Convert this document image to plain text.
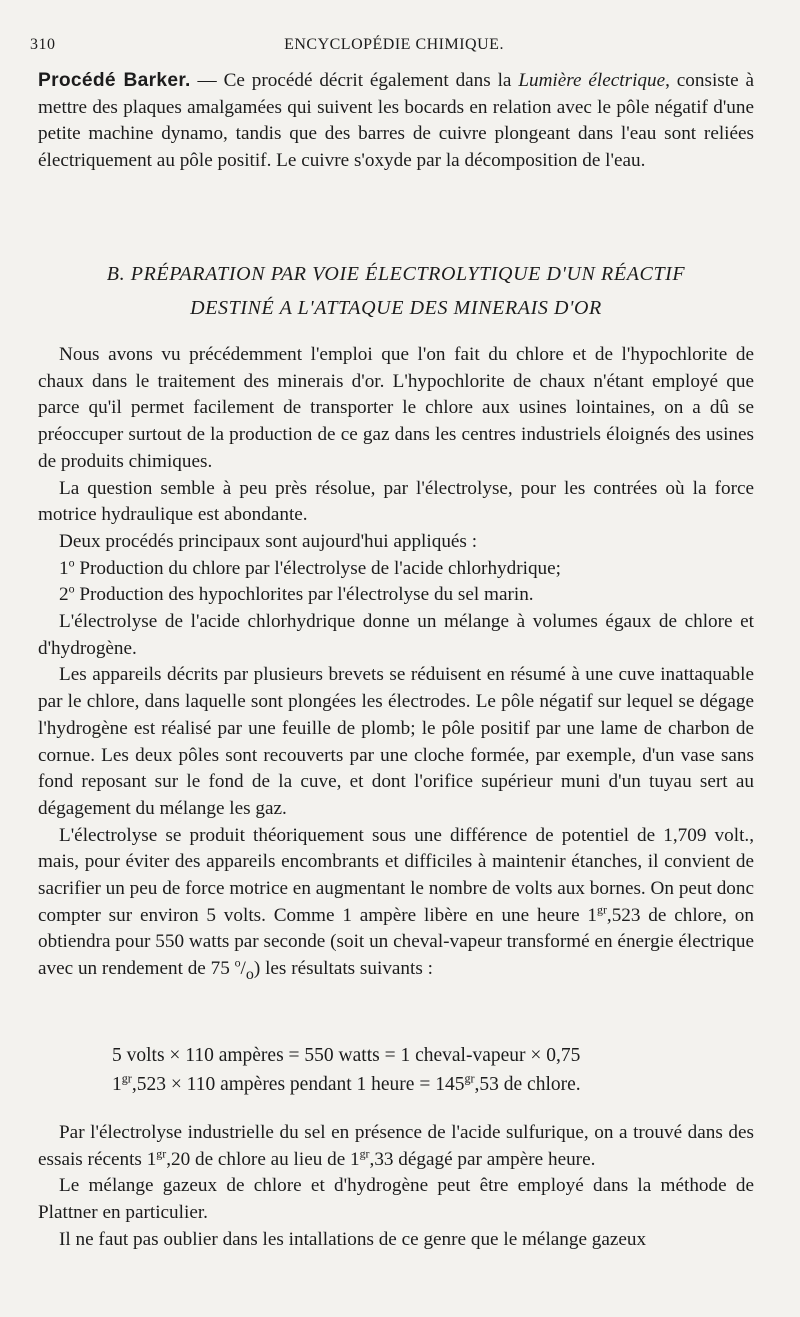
310	ENCYCLOPÉDIE CHIMIQUE.

Procédé Barker. — Ce procédé décrit également dans la Lumière électrique, consiste à mettre des plaques amalgamées qui suivent les bocards en relation avec le pôle négatif d'une petite machine dynamo, tandis que des barres de cuivre plongeant dans l'eau sont reliées électriquement au pôle positif. Le cuivre s'oxyde par la décomposition de l'eau.

B. PRÉPARATION PAR VOIE ÉLECTROLYTIQUE D'UN RÉACTIF
DESTINÉ A L'ATTAQUE DES MINERAIS D'OR

Nous avons vu précédemment l'emploi que l'on fait du chlore et de l'hypochlorite de chaux dans le traitement des minerais d'or. L'hypochlorite de chaux n'étant employé que parce qu'il permet facilement de transporter le chlore aux usines lointaines, on a dû se préoccuper surtout de la production de ce gaz dans les centres industriels éloignés des usines de produits chimiques.

La question semble à peu près résolue, par l'électrolyse, pour les contrées où la force motrice hydraulique est abondante.

Deux procédés principaux sont aujourd'hui appliqués :

1$^o$ Production du chlore par l'électrolyse de l'acide chlorhydrique;

2$^o$ Production des hypochlorites par l'électrolyse du sel marin.

L'électrolyse de l'acide chlorhydrique donne un mélange à volumes égaux de chlore et d'hydrogène.

Les appareils décrits par plusieurs brevets se réduisent en résumé à une cuve inattaquable par le chlore, dans laquelle sont plongées les électrodes. Le pôle négatif sur lequel se dégage l'hydrogène est réalisé par une feuille de plomb; le pôle positif par une lame de charbon de cornue. Les deux pôles sont recouverts par une cloche formée, par exemple, d'un vase sans fond reposant sur le fond de la cuve, et dont l'orifice supérieur muni d'un tuyau sert au dégagement du mélange les gaz.

L'électrolyse se produit théoriquement sous une différence de potentiel de 1,709 volt., mais, pour éviter des appareils encombrants et difficiles à maintenir étanches, il convient de sacrifier un peu de force motrice en augmentant le nombre de volts aux bornes. On peut donc compter sur environ 5 volts. Comme 1 ampère libère en une heure $1^{gr},523$ de chlore, on obtiendra pour 550 watts par seconde (soit un cheval-vapeur transformé en énergie électrique avec un rendement de 75 $^o/_o$) les résultats suivants :

5 volts × 110 ampères = 550 watts = 1 cheval-vapeur × 0,75
$1^{gr},523 \times 110$ ampères pendant 1 heure = $145^{gr},53$ de chlore.

Par l'électrolyse industrielle du sel en présence de l'acide sulfurique, on a trouvé dans des essais récents $1^{gr},20$ de chlore au lieu de $1^{gr},33$ dégagé par ampère heure.

Le mélange gazeux de chlore et d'hydrogène peut être employé dans la méthode de Plattner en particulier.

Il ne faut pas oublier dans les intallations de ce genre que le mélange gazeux
